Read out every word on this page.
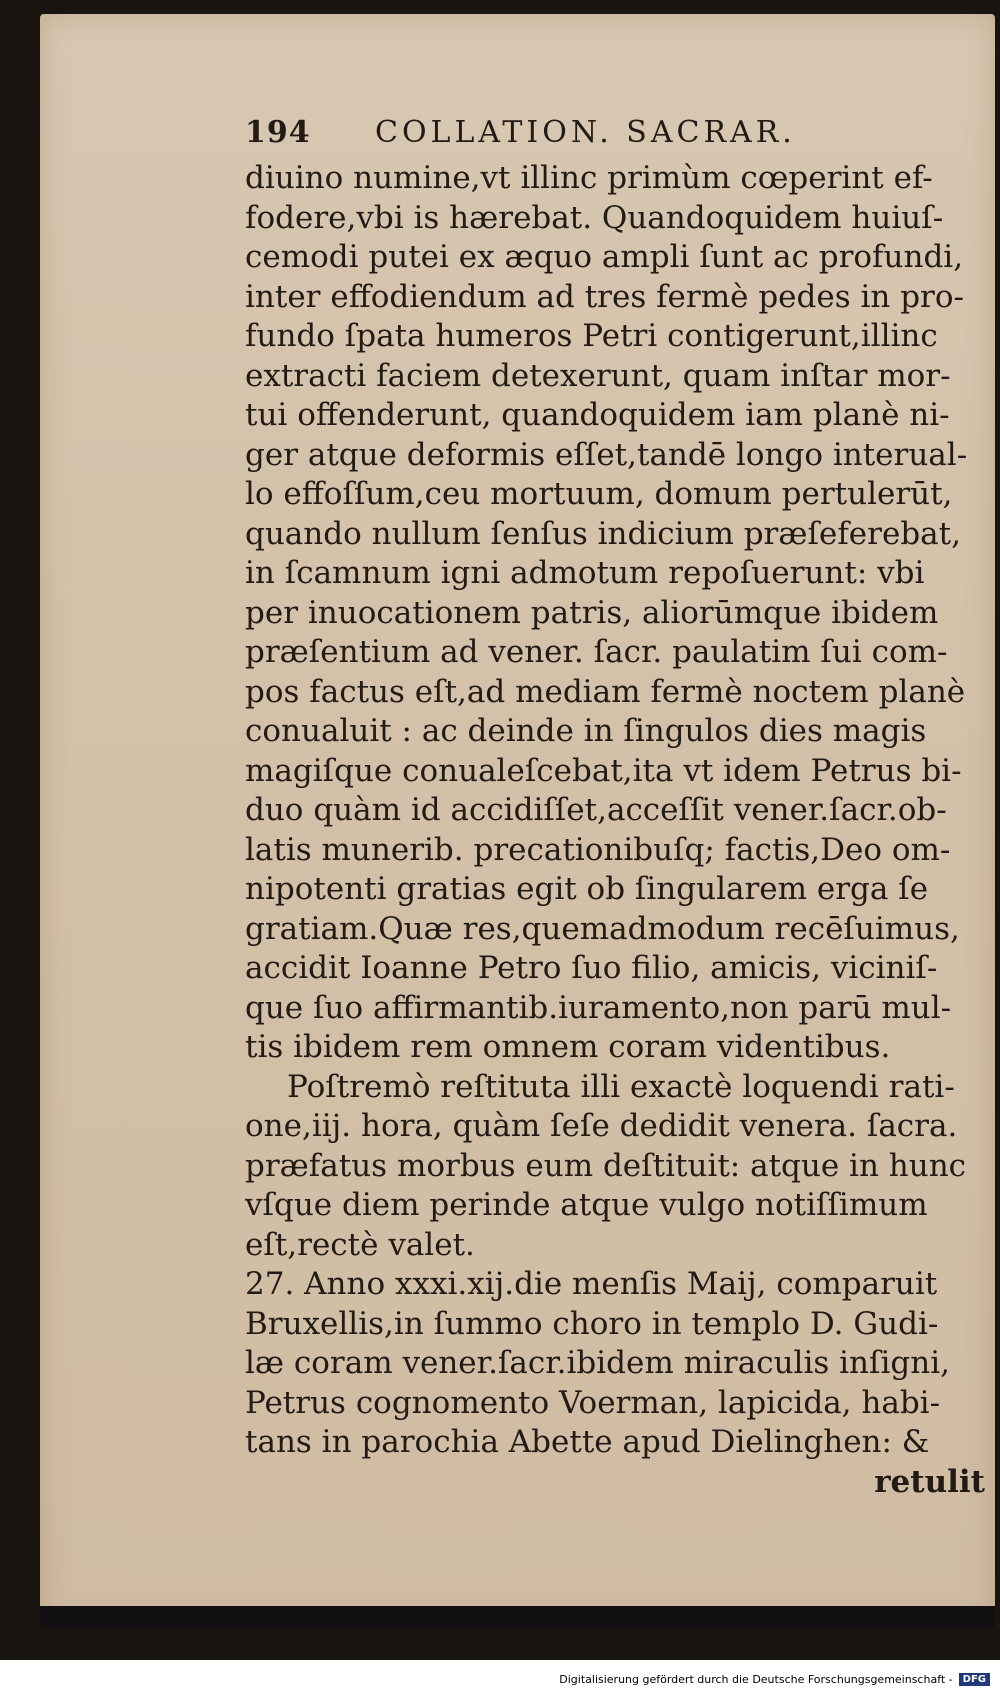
194	COLLATION. SACRAR.
diuino numine,vt illinc primùm cœperint ef-
fodere,vbi is hærebat. Quandoquidem huiuſ-
cemodi putei ex æquo ampli ſunt ac profundi,
inter effodiendum ad tres fermè pedes in pro-
fundo ſpata humeros Petri contigerunt,illinc
extracti faciem detexerunt, quam inſtar mor-
tui offenderunt, quandoquidem iam planè ni-
ger atque deformis eſſet,tandē longo interual-
lo effoſſum,ceu mortuum, domum pertulerūt,
quando nullum ſenſus indicium præſeferebat,
in ſcamnum igni admotum repoſuerunt: vbi
per inuocationem patris, aliorūmque ibidem
præſentium ad vener. ſacr. paulatim ſui com-
pos factus eſt,ad mediam fermè noctem planè
conualuit : ac deinde in ſingulos dies magis
magiſque conualeſcebat,ita vt idem Petrus bi-
duo quàm id accidiſſet,acceſſit vener.ſacr.ob-
latis munerib. precationibuſq; factis,Deo om-
nipotenti gratias egit ob ſingularem erga ſe
gratiam.Quæ res,quemadmodum recēſuimus,
accidit Ioanne Petro ſuo filio, amicis, viciniſ-
que ſuo affirmantib.iuramento,non parū mul-
tis ibidem rem omnem coram videntibus.
Poſtremò reſtituta illi exactè loquendi rati-
one,iij. hora, quàm ſeſe dedidit venera. ſacra.
præfatus morbus eum deſtituit: atque in hunc
vſque diem perinde atque vulgo notiſſimum
eſt,rectè valet.
27. Anno xxxi.xij.die menſis Maij, comparuit
Bruxellis,in ſummo choro in templo D. Gudi-
læ coram vener.ſacr.ibidem miraculis inſigni,
Petrus cognomento Voerman, lapicida, habi-
tans in parochia Abette apud Dielinghen: &
retulit
Digitalisierung gefördert durch die Deutsche Forschungsgemeinschaft -	DFG
